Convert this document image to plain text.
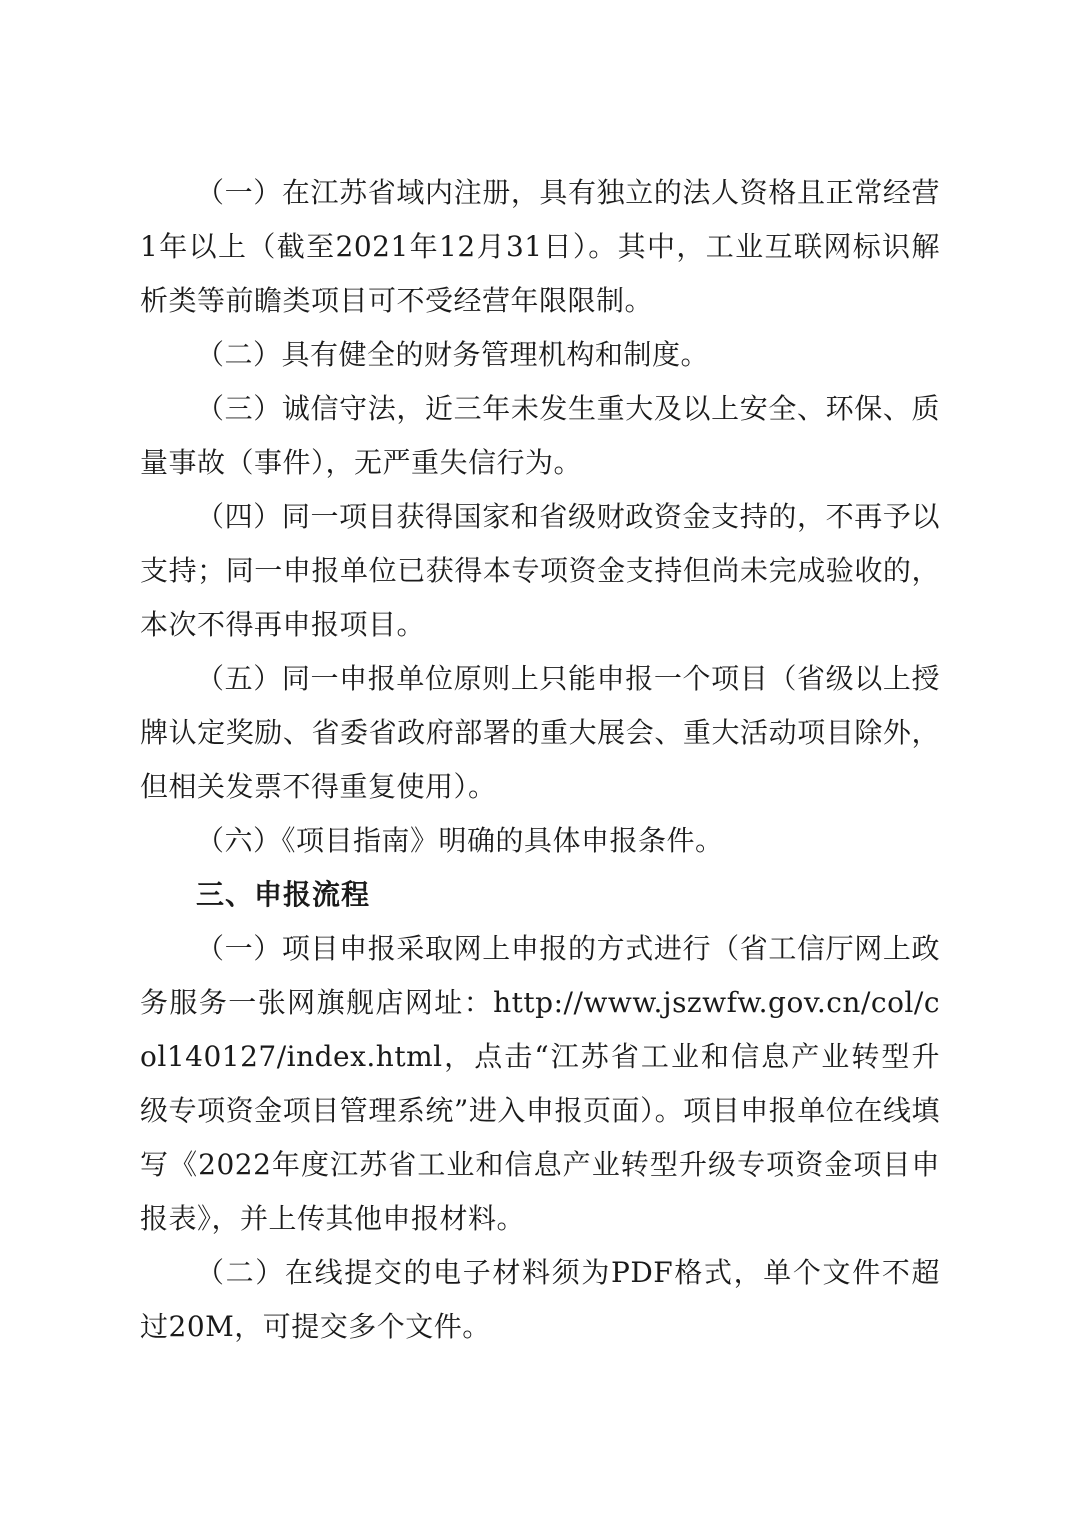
（一）在江苏省域内注册，具有独立的法人资格且正常经营1年以上（截至2021年12月31日）。其中，工业互联网标识解析类等前瞻类项目可不受经营年限限制。

（二）具有健全的财务管理机构和制度。

（三）诚信守法，近三年未发生重大及以上安全、环保、质量事故（事件），无严重失信行为。

（四）同一项目获得国家和省级财政资金支持的，不再予以支持；同一申报单位已获得本专项资金支持但尚未完成验收的，本次不得再申报项目。

（五）同一申报单位原则上只能申报一个项目（省级以上授牌认定奖励、省委省政府部署的重大展会、重大活动项目除外，但相关发票不得重复使用）。

（六）《项目指南》明确的具体申报条件。

三、申报流程

（一）项目申报采取网上申报的方式进行（省工信厅网上政务服务一张网旗舰店网址：http://www.jszwfw.gov.cn/col/col140127/index.html，点击“江苏省工业和信息产业转型升级专项资金项目管理系统”进入申报页面）。项目申报单位在线填写《2022年度江苏省工业和信息产业转型升级专项资金项目申报表》，并上传其他申报材料。

（二）在线提交的电子材料须为PDF格式，单个文件不超过20M，可提交多个文件。
